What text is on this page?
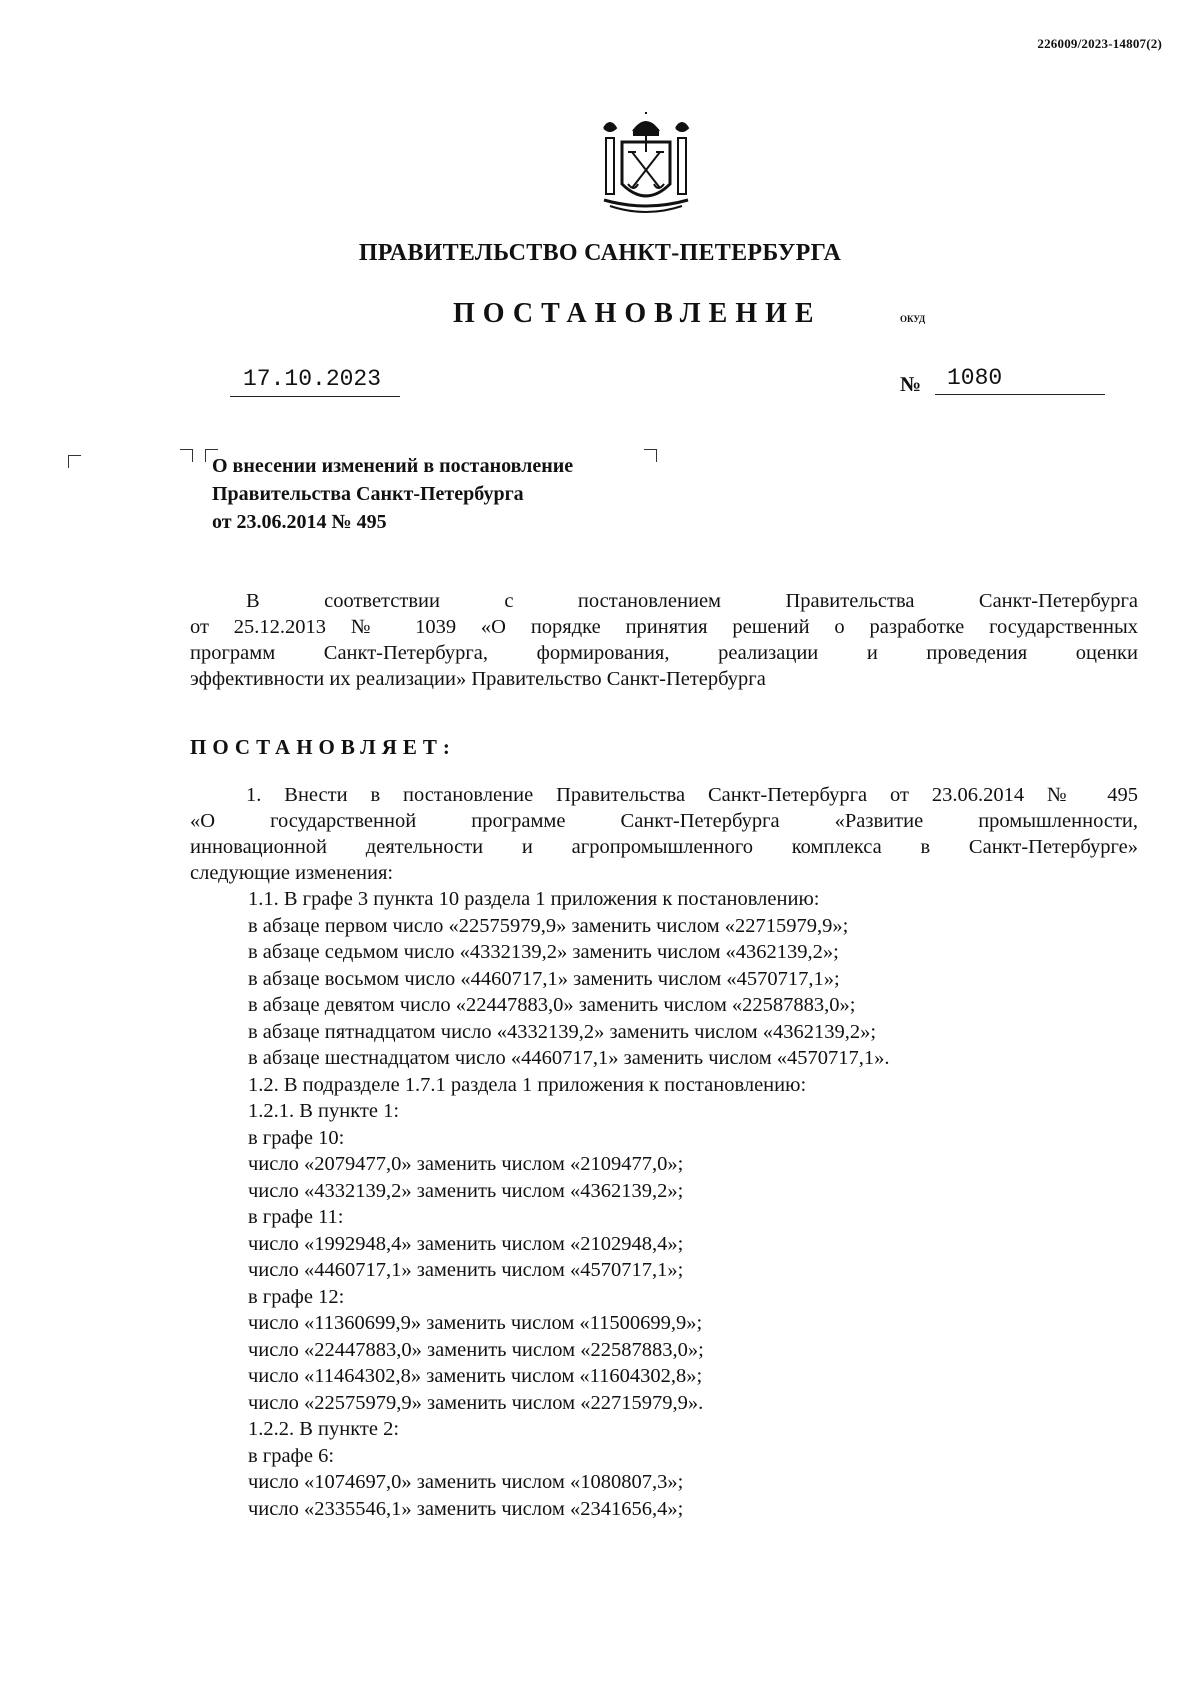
226009/2023-14807(2)
ПРАВИТЕЛЬСТВО САНКТ-ПЕТЕРБУРГА
ПОСТАНОВЛЕНИЕ	ОКУД
17.10.2023	№ 1080
О внесении изменений в постановление
Правительства Санкт-Петербурга
от 23.06.2014 № 495
В соответствии с постановлением Правительства Санкт-Петербурга
от 25.12.2013 № 1039 «О порядке принятия решений о разработке государственных
программ Санкт-Петербурга, формирования, реализации и проведения оценки
эффективности их реализации» Правительство Санкт-Петербурга
ПОСТАНОВЛЯЕТ:
1. Внести в постановление Правительства Санкт-Петербурга от 23.06.2014 № 495
«О государственной программе Санкт-Петербурга «Развитие промышленности,
инновационной деятельности и агропромышленного комплекса в Санкт-Петербурге»
следующие изменения:
1.1. В графе 3 пункта 10 раздела 1 приложения к постановлению:
в абзаце первом число «22575979,9» заменить числом «22715979,9»;
в абзаце седьмом число «4332139,2» заменить числом «4362139,2»;
в абзаце восьмом число «4460717,1» заменить числом «4570717,1»;
в абзаце девятом число «22447883,0» заменить числом «22587883,0»;
в абзаце пятнадцатом число «4332139,2» заменить числом «4362139,2»;
в абзаце шестнадцатом число «4460717,1» заменить числом «4570717,1».
1.2. В подразделе 1.7.1 раздела 1 приложения к постановлению:
1.2.1. В пункте 1:
в графе 10:
число «2079477,0» заменить числом «2109477,0»;
число «4332139,2» заменить числом «4362139,2»;
в графе 11:
число «1992948,4» заменить числом «2102948,4»;
число «4460717,1» заменить числом «4570717,1»;
в графе 12:
число «11360699,9» заменить числом «11500699,9»;
число «22447883,0» заменить числом «22587883,0»;
число «11464302,8» заменить числом «11604302,8»;
число «22575979,9» заменить числом «22715979,9».
1.2.2. В пункте 2:
в графе 6:
число «1074697,0» заменить числом «1080807,3»;
число «2335546,1» заменить числом «2341656,4»;
